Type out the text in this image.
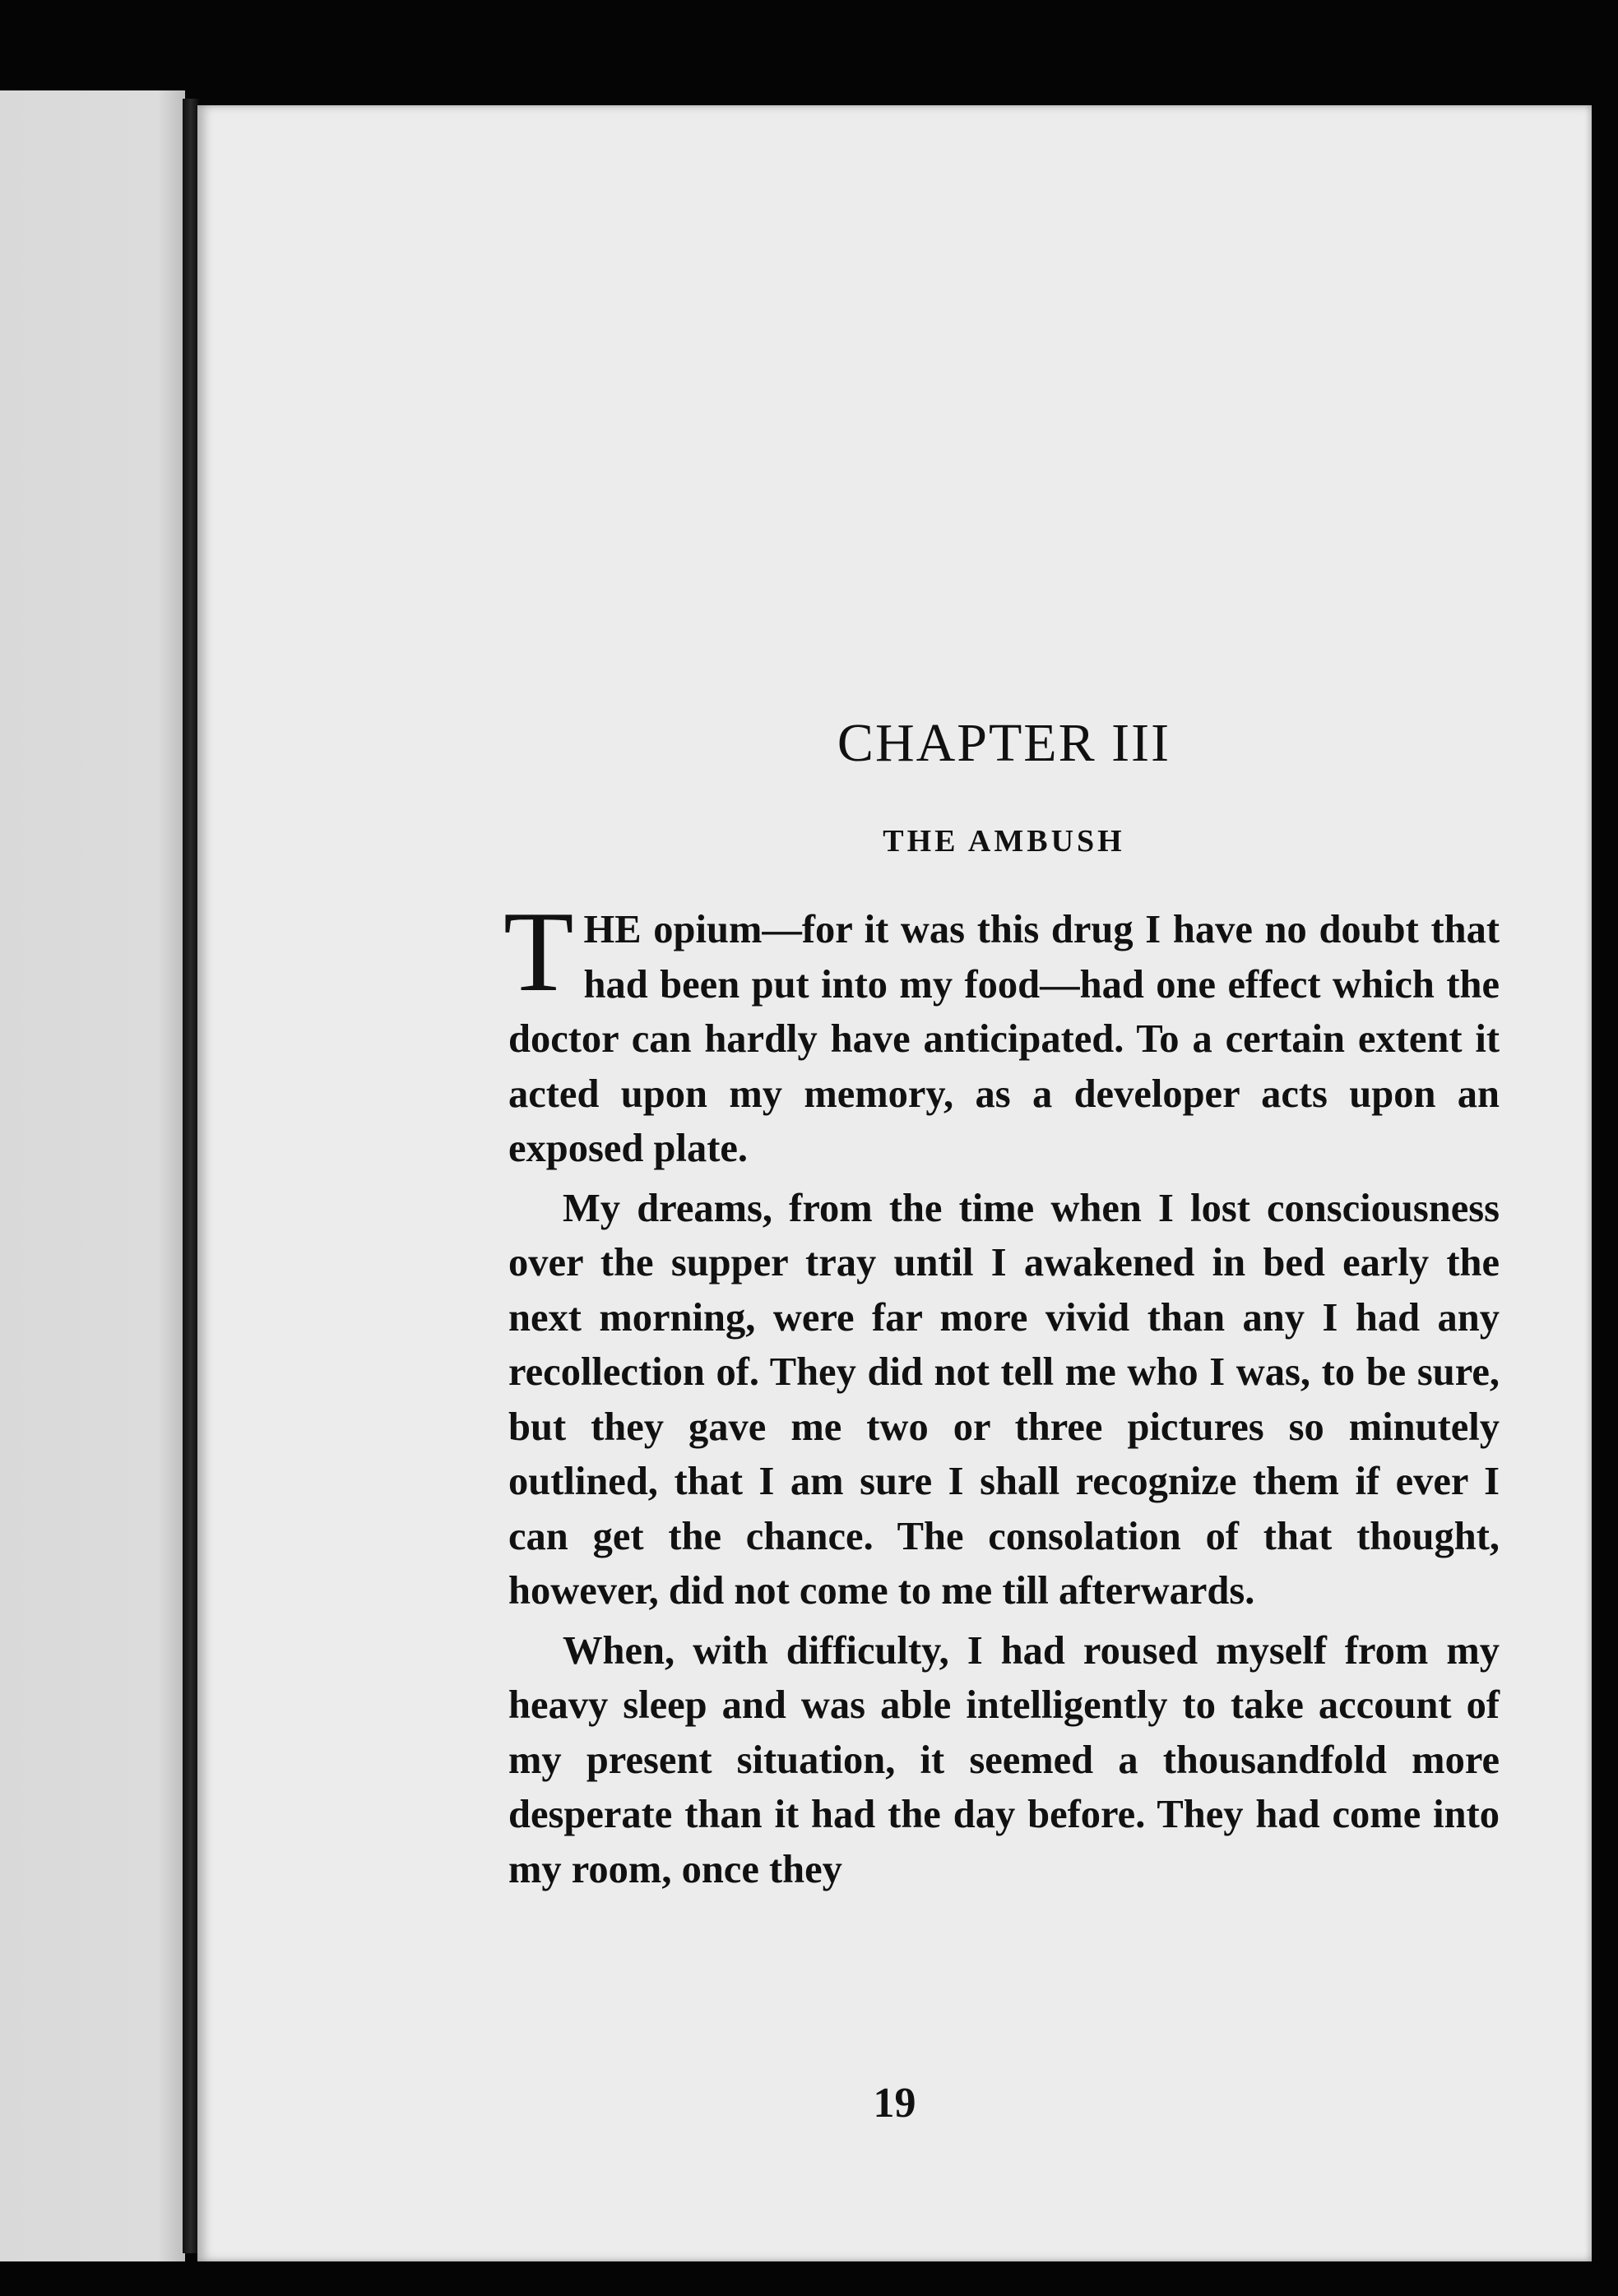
CHAPTER III
THE AMBUSH

THE opium—for it was this drug I have no doubt that had been put into my food—had one effect which the doctor can hardly have anticipated. To a certain extent it acted upon my memory, as a developer acts upon an exposed plate.

My dreams, from the time when I lost consciousness over the supper tray until I awakened in bed early the next morning, were far more vivid than any I had any recollection of. They did not tell me who I was, to be sure, but they gave me two or three pictures so minutely outlined, that I am sure I shall recognize them if ever I can get the chance. The consolation of that thought, however, did not come to me till afterwards.

When, with difficulty, I had roused myself from my heavy sleep and was able intelligently to take account of my present situation, it seemed a thousandfold more desperate than it had the day before. They had come into my room, once they

19
